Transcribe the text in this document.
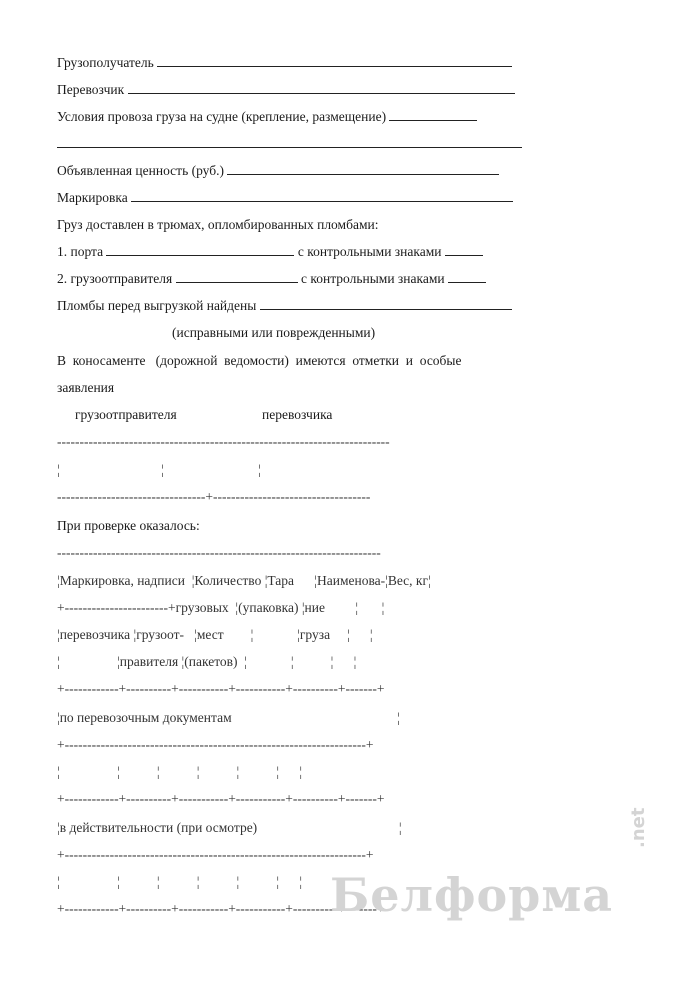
Грузополучатель
Перевозчик
Условия провоза груза на судне (крепление, размещение)
Объявленная ценность (руб.)
Маркировка
Груз доставлен в трюмах, опломбированных пломбами:
1. порта	с контрольными знаками
2. грузоотправителя	с контрольными знаками
Пломбы перед выгрузкой найдены
(исправными или поврежденными)
В  коносаменте   (дорожной  ведомости)  имеются  отметки  и  особые
заявления
грузоотправителя	перевозчика
--------------------------------------------------------------------------
¦                              ¦                            ¦
---------------------------------+-----------------------------------
При проверке оказалось:
------------------------------------------------------------------------
¦Маркировка, надписи  ¦Количество ¦Тара      ¦Наименова-¦Вес, кг¦
+-----------------------+грузовых  ¦(упаковка) ¦ние         ¦       ¦
¦перевозчика ¦грузоот-   ¦мест        ¦             ¦груза     ¦      ¦
¦                 ¦правителя ¦(пакетов)  ¦             ¦           ¦      ¦
+------------+----------+-----------+-----------+----------+-------+
¦по перевозочным документам                                                 ¦
+-------------------------------------------------------------------+
¦                 ¦           ¦           ¦           ¦           ¦      ¦
+------------+----------+-----------+-----------+----------+-------+
¦в действительности (при осмотре)                                          ¦
+-------------------------------------------------------------------+
¦                 ¦           ¦           ¦           ¦           ¦      ¦
+------------+----------+-----------+-----------+----------+-------+
Белформа
.net
